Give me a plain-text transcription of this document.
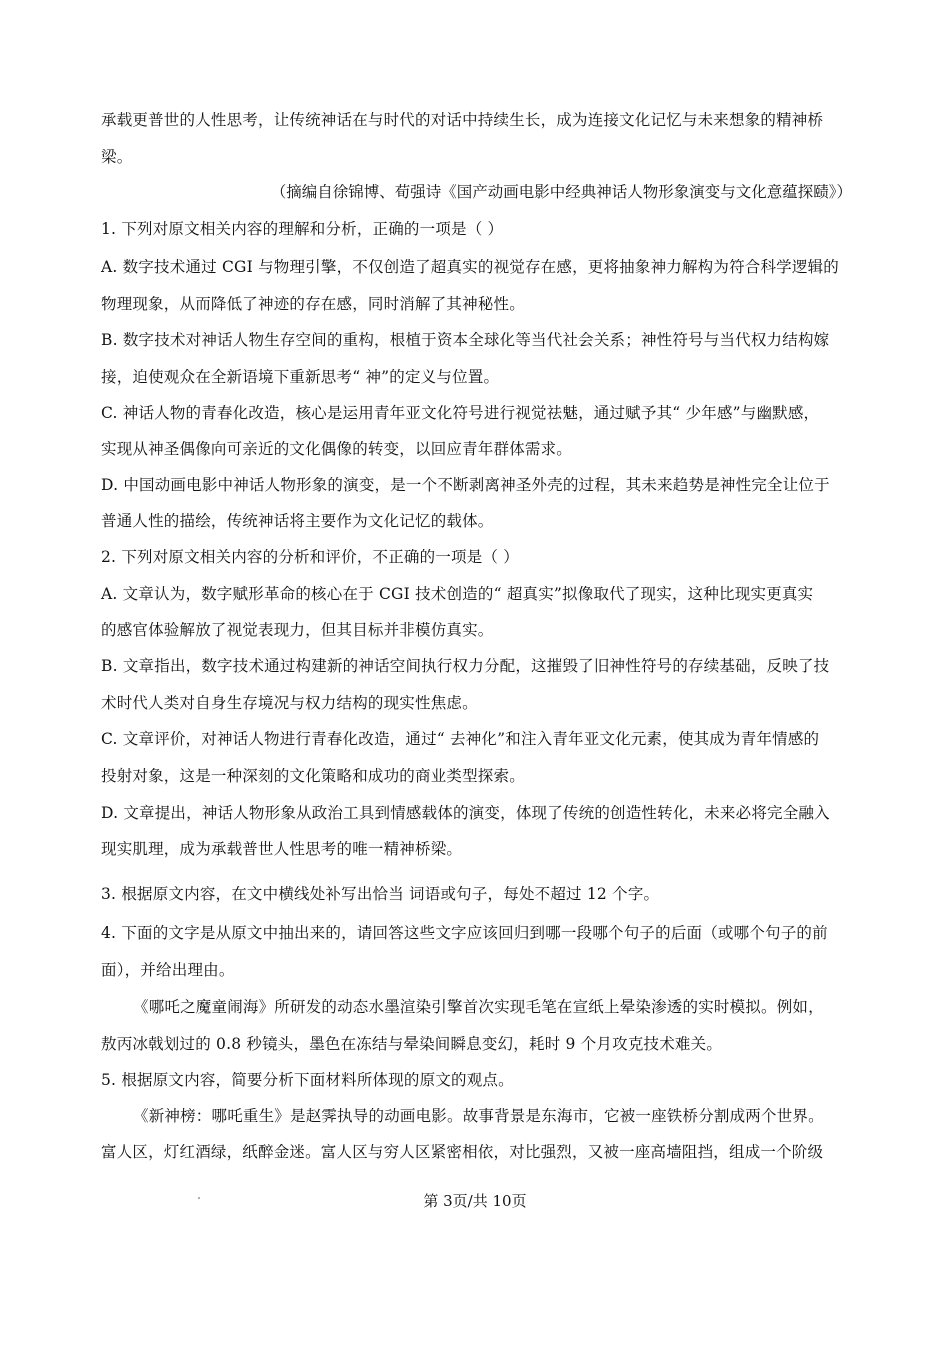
承载更普世的人性思考，让传统神话在与时代的对话中持续生长，成为连接文化记忆与未来想象的精神桥
梁。
（摘编自徐锦博、荀强诗《国产动画电影中经典神话人物形象演变与文化意蕴探赜》）
1. 下列对原文相关内容的理解和分析，正确的一项是（ ）
A. 数字技术通过 CGI 与物理引擎，不仅创造了超真实的视觉存在感，更将抽象神力解构为符合科学逻辑的
物理现象，从而降低了神迹的存在感，同时消解了其神秘性。
B. 数字技术对神话人物生存空间的重构，根植于资本全球化等当代社会关系；神性符号与当代权力结构嫁
接，迫使观众在全新语境下重新思考“ 神”的定义与位置。
C. 神话人物的青春化改造，核心是运用青年亚文化符号进行视觉祛魅，通过赋予其“ 少年感”与幽默感，
实现从神圣偶像向可亲近的文化偶像的转变，以回应青年群体需求。
D. 中国动画电影中神话人物形象的演变，是一个不断剥离神圣外壳的过程，其未来趋势是神性完全让位于
普通人性的描绘，传统神话将主要作为文化记忆的载体。
2. 下列对原文相关内容的分析和评价，不正确的一项是（ ）
A. 文章认为，数字赋形革命的核心在于 CGI 技术创造的“ 超真实”拟像取代了现实，这种比现实更真实
的感官体验解放了视觉表现力，但其目标并非模仿真实。
B. 文章指出，数字技术通过构建新的神话空间执行权力分配，这摧毁了旧神性符号的存续基础，反映了技
术时代人类对自身生存境况与权力结构的现实性焦虑。
C. 文章评价，对神话人物进行青春化改造，通过“ 去神化”和注入青年亚文化元素，使其成为青年情感的
投射对象，这是一种深刻的文化策略和成功的商业类型探索。
D. 文章提出，神话人物形象从政治工具到情感载体的演变，体现了传统的创造性转化，未来必将完全融入
现实肌理，成为承载普世人性思考的唯一精神桥梁。
3. 根据原文内容，在文中横线处补写出恰当 词语或句子，每处不超过 12 个字。
4. 下面的文字是从原文中抽出来的，请回答这些文字应该回归到哪一段哪个句子的后面（或哪个句子的前
面），并给出理由。
《哪吒之魔童闹海》所研发的动态水墨渲染引擎首次实现毛笔在宣纸上晕染渗透的实时模拟。例如，
敖丙冰戟划过的 0.8 秒镜头，墨色在冻结与晕染间瞬息变幻，耗时 9 个月攻克技术难关。
5. 根据原文内容，简要分析下面材料所体现的原文的观点。
《新神榜：哪吒重生》是赵霁执导的动画电影。故事背景是东海市，它被一座铁桥分割成两个世界。
富人区，灯红酒绿，纸醉金迷。富人区与穷人区紧密相依，对比强烈，又被一座高墙阻挡，组成一个阶级
第 3页/共 10页
